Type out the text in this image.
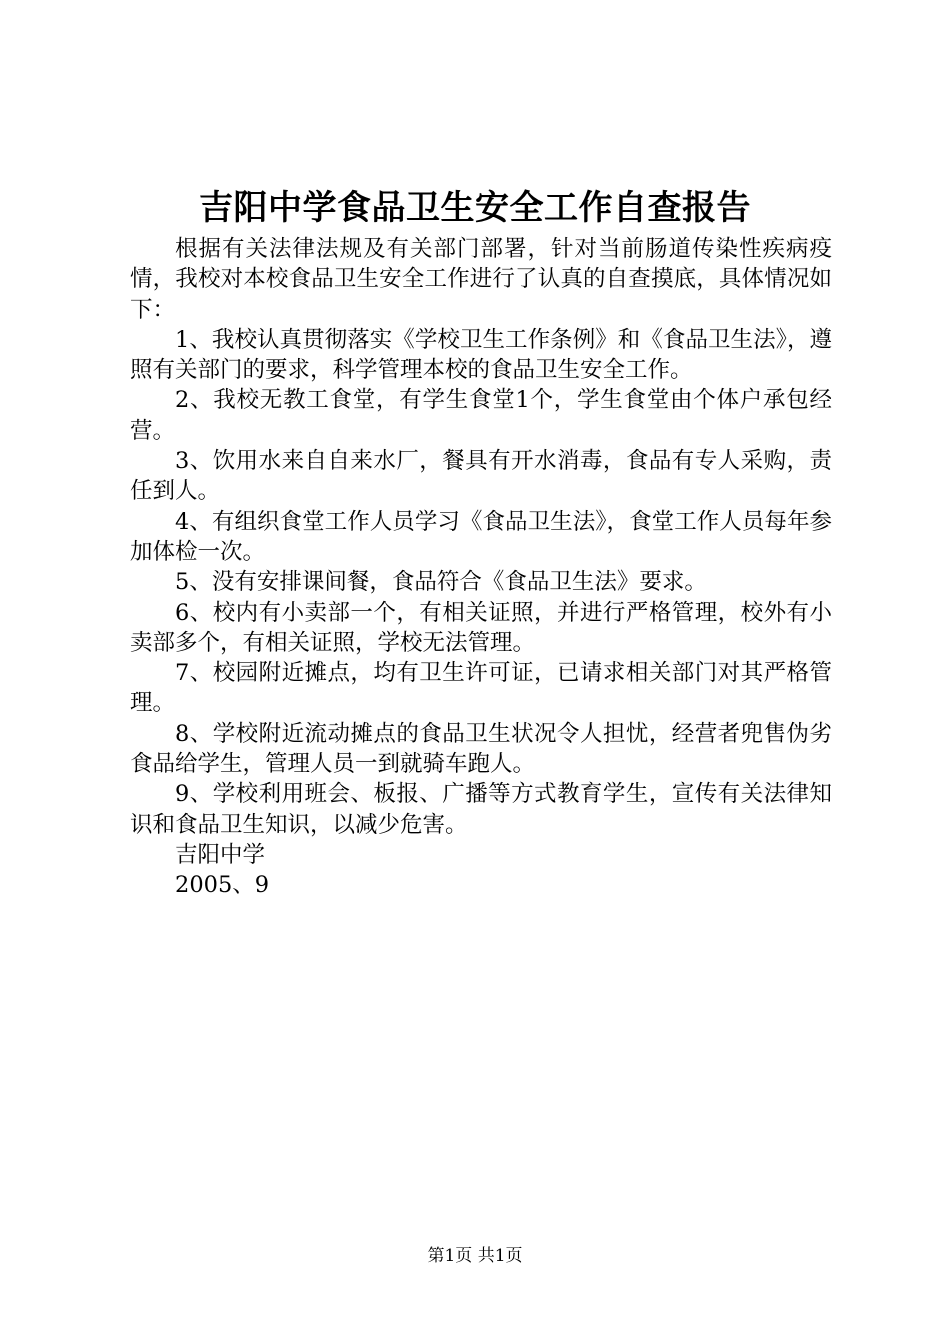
吉阳中学食品卫生安全工作自查报告

根据有关法律法规及有关部门部署，针对当前肠道传染性疾病疫情，我校对本校食品卫生安全工作进行了认真的自查摸底，具体情况如下：

1、我校认真贯彻落实《学校卫生工作条例》和《食品卫生法》，遵照有关部门的要求，科学管理本校的食品卫生安全工作。

2、我校无教工食堂，有学生食堂1个，学生食堂由个体户承包经营。

3、饮用水来自自来水厂，餐具有开水消毒，食品有专人采购，责任到人。

4、有组织食堂工作人员学习《食品卫生法》，食堂工作人员每年参加体检一次。

5、没有安排课间餐，食品符合《食品卫生法》要求。

6、校内有小卖部一个，有相关证照，并进行严格管理，校外有小卖部多个，有相关证照，学校无法管理。

7、校园附近摊点，均有卫生许可证，已请求相关部门对其严格管理。

8、学校附近流动摊点的食品卫生状况令人担忧，经营者兜售伪劣食品给学生，管理人员一到就骑车跑人。

9、学校利用班会、板报、广播等方式教育学生，宣传有关法律知识和食品卫生知识，以减少危害。

吉阳中学

2005、9

第1页 共1页
